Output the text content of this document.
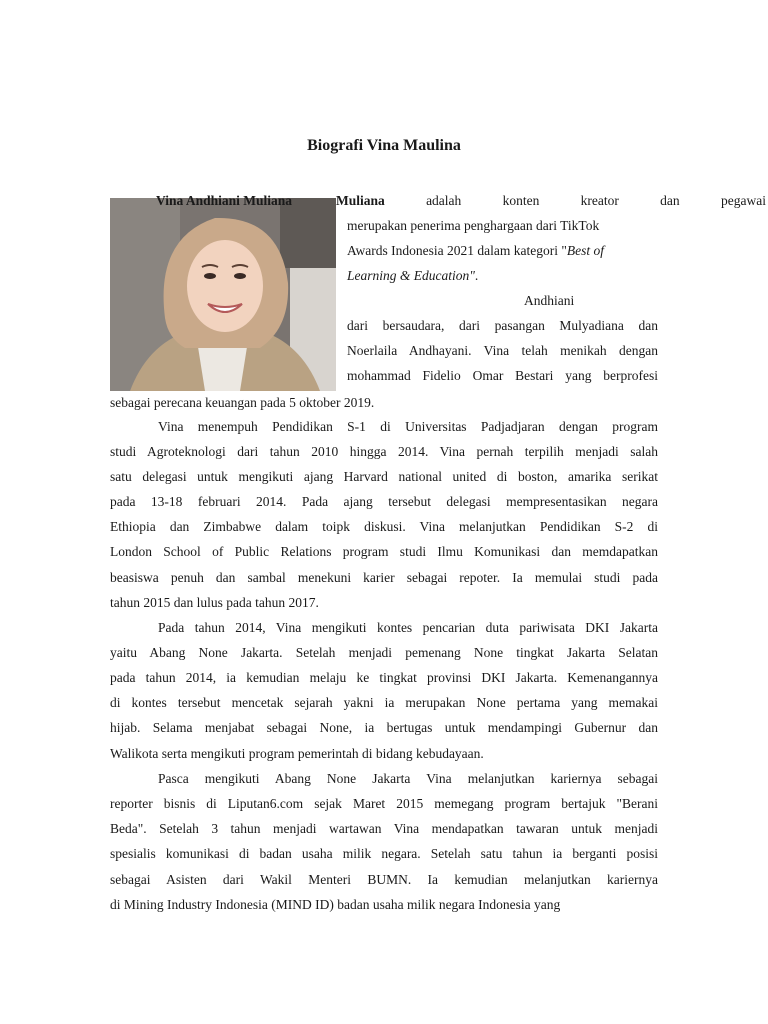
Biografi Vina Maulina
Muliana	adalah	konten	kreator	dan	pegawai
merupakan penerima penghargaan dari TikTok
Awards Indonesia 2021 dalam kategori "Best of
Learning & Education".
Andhiani
dari bersaudara, dari pasangan Mulyadiana dan
Noerlaila Andhayani. Vina telah menikah dengan
mohammad Fidelio Omar Bestari yang berprofesi
sebagai perecana keuangan pada 5 oktober 2019.
Vina menempuh Pendidikan S-1 di Universitas Padjadjaran dengan program
studi Agroteknologi dari tahun 2010 hingga 2014. Vina pernah terpilih menjadi salah
satu delegasi untuk mengikuti ajang Harvard national united di boston, amarika serikat
pada 13-18 februari 2014. Pada ajang tersebut delegasi mempresentasikan negara
Ethiopia dan Zimbabwe dalam toipk diskusi. Vina melanjutkan Pendidikan S-2 di
London School of Public Relations program studi Ilmu Komunikasi dan memdapatkan
beasiswa penuh dan sambal menekuni karier sebagai repoter. Ia memulai studi pada
tahun 2015 dan lulus pada tahun 2017.
Pada tahun 2014, Vina mengikuti kontes pencarian duta pariwisata DKI Jakarta
yaitu Abang None Jakarta. Setelah menjadi pemenang None tingkat Jakarta Selatan
pada tahun 2014, ia kemudian melaju ke tingkat provinsi DKI Jakarta. Kemenangannya
di kontes tersebut mencetak sejarah yakni ia merupakan None pertama yang memakai
hijab. Selama menjabat sebagai None, ia bertugas untuk mendampingi Gubernur dan
Walikota serta mengikuti program pemerintah di bidang kebudayaan.
Pasca mengikuti Abang None Jakarta Vina melanjutkan kariernya sebagai
reporter bisnis di Liputan6.com sejak Maret 2015 memegang program bertajuk "Berani
Beda". Setelah 3 tahun menjadi wartawan Vina mendapatkan tawaran untuk menjadi
spesialis komunikasi di badan usaha milik negara. Setelah satu tahun ia berganti posisi
sebagai Asisten dari Wakil Menteri BUMN. Ia kemudian melanjutkan kariernya
di Mining Industry Indonesia (MIND ID) badan usaha milik negara Indonesia yang
Vina Andhiani Muliana
